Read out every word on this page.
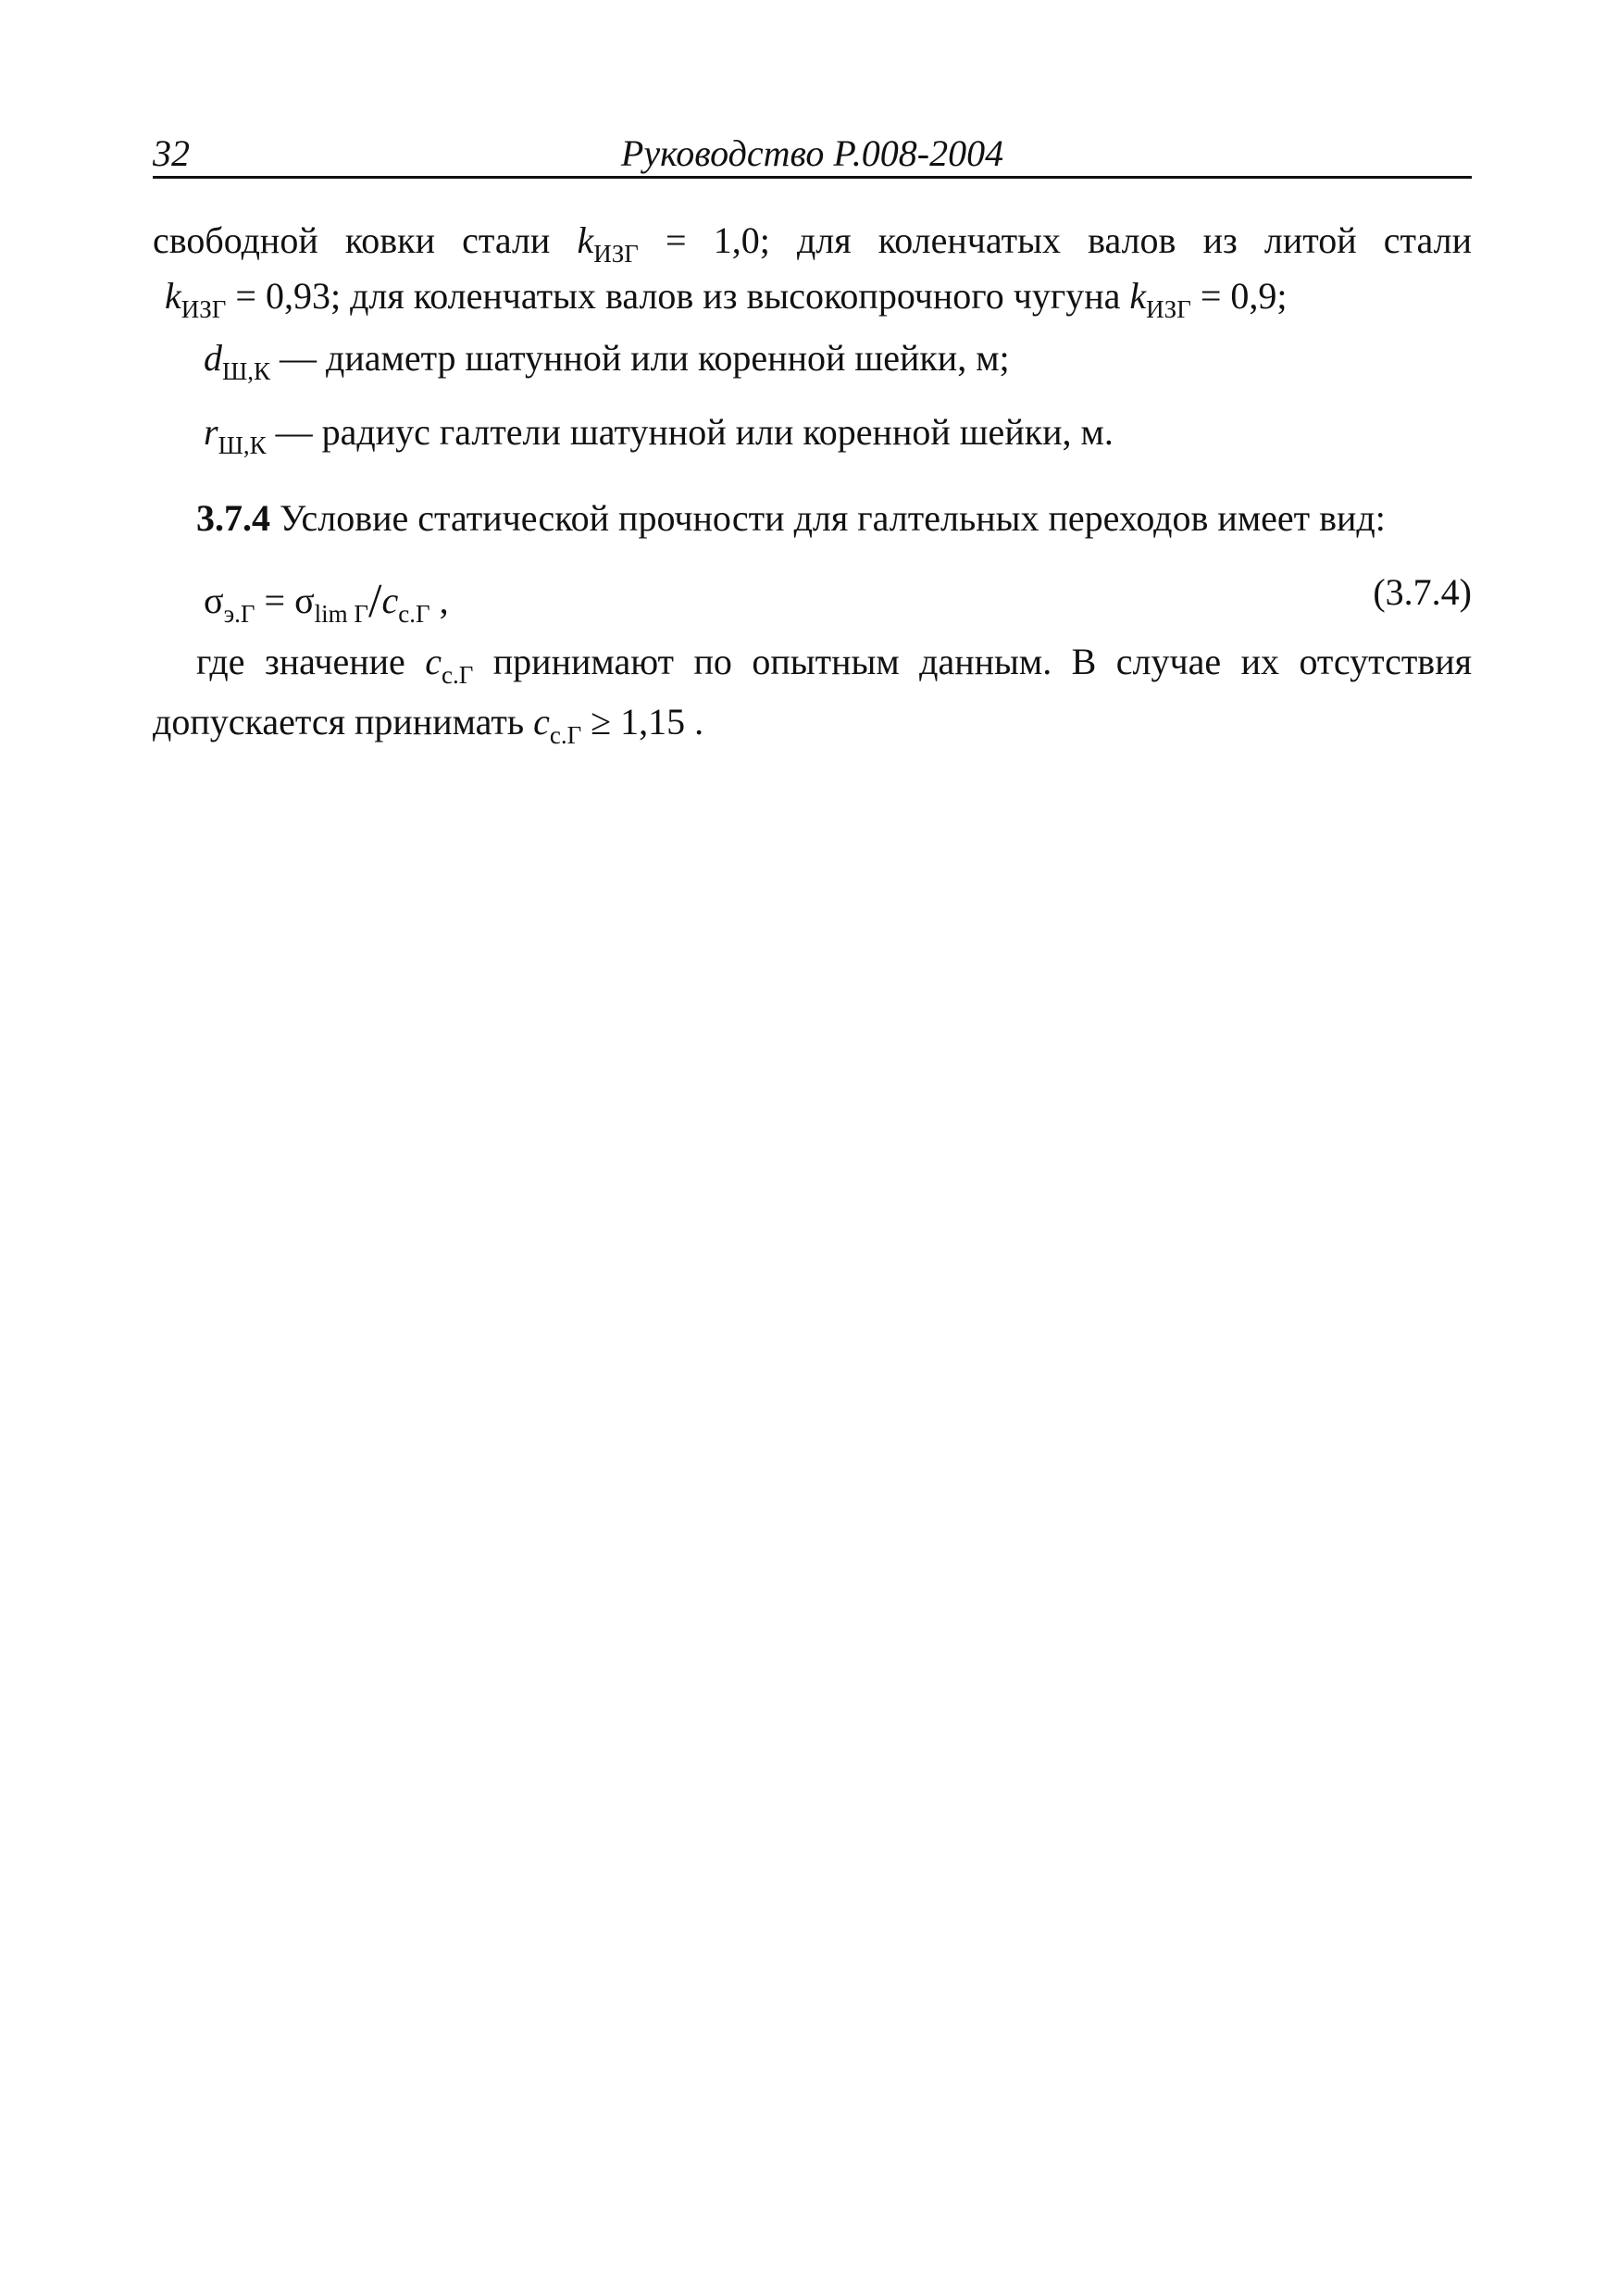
32	Руководство Р.008-2004
свободной ковки стали $k_{ИЗГ} = 1,0$; для коленчатых валов из литой стали
$k_{ИЗГ} = 0,93$; для коленчатых валов из высокопрочного чугуна $k_{ИЗГ} = 0,9$;
$d_{Ш,К}$ — диаметр шатунной или коренной шейки, м;
$r_{Ш,К}$ — радиус галтели шатунной или коренной шейки, м.
3.7.4 Условие статической прочности для галтельных переходов имеет вид:
$\sigma_{э.Г} = \sigma_{lim Г}/c_{с.Г}$ ,	(3.7.4)
где значение $c_{с.Г}$ принимают по опытным данным. В случае их отсутствия
допускается принимать $c_{с.Г} \ge 1,15$ .
